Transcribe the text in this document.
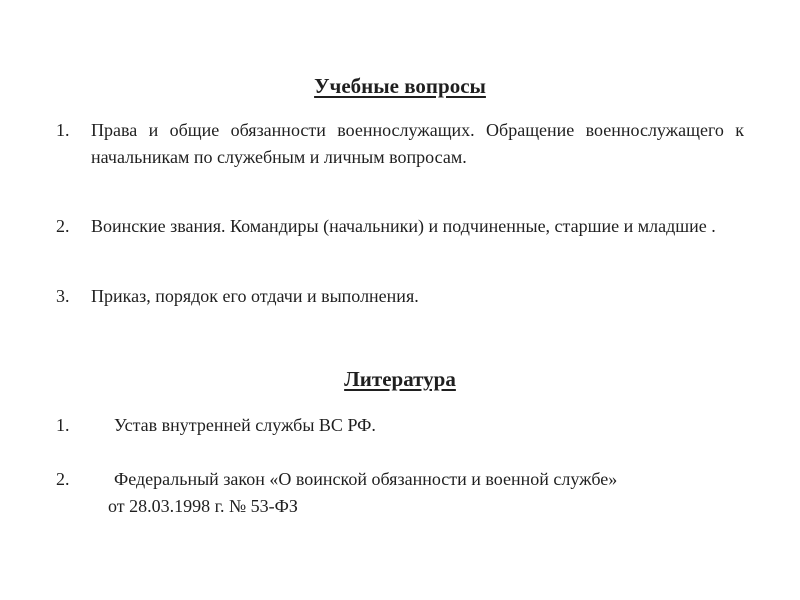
Учебные вопросы
1. Права и общие обязанности военнослужащих. Обращение военнослужащего к начальникам по служебным и личным вопросам.
2. Воинские звания. Командиры (начальники) и подчиненные, старшие и младшие .
3. Приказ, порядок его отдачи и выполнения.
Литература
1. Устав внутренней службы ВС РФ.
2. Федеральный закон «О воинской обязанности и военной службе»
от 28.03.1998 г. № 53-ФЗ
